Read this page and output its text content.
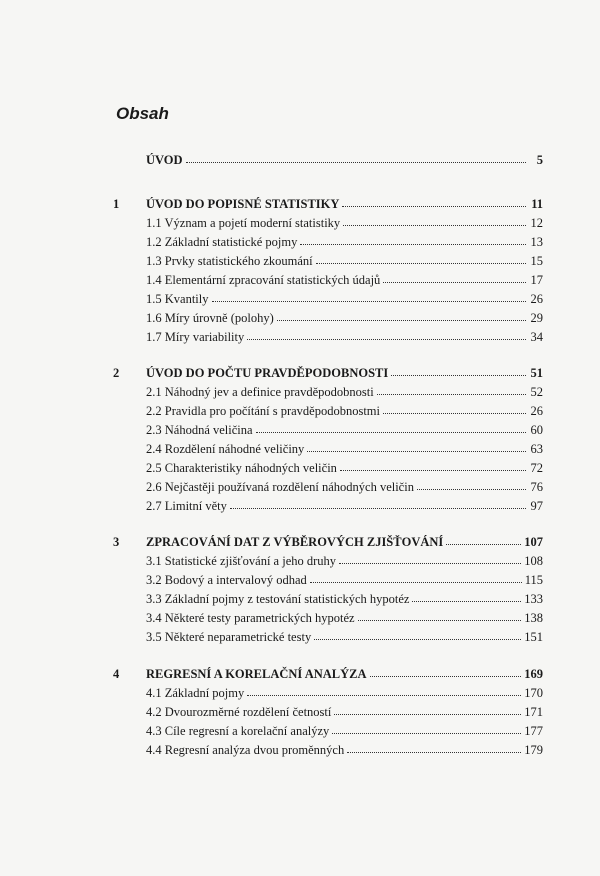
Obsah
ÚVOD	5
1 ÚVOD DO POPISNÉ STATISTIKY	11
1.1 Význam a pojetí moderní statistiky	12
1.2 Základní statistické pojmy	13
1.3 Prvky statistického zkoumání	15
1.4 Elementární zpracování statistických údajů	17
1.5 Kvantily	26
1.6 Míry úrovně (polohy)	29
1.7 Míry variability	34
2 ÚVOD DO POČTU PRAVDĚPODOBNOSTI	51
2.1 Náhodný jev a definice pravděpodobnosti	52
2.2 Pravidla pro počítání s pravděpodobnostmi	26
2.3 Náhodná veličina	60
2.4 Rozdělení náhodné veličiny	63
2.5 Charakteristiky náhodných veličin	72
2.6 Nejčastěji používaná rozdělení náhodných veličin	76
2.7 Limitní věty	97
3 ZPRACOVÁNÍ DAT Z VÝBĚROVÝCH ZJIŠŤOVÁNÍ	107
3.1 Statistické zjišťování a jeho druhy	108
3.2 Bodový a intervalový odhad	115
3.3 Základní pojmy z testování statistických hypotéz	133
3.4 Některé testy parametrických hypotéz	138
3.5 Některé neparametrické testy	151
4 REGRESNÍ A KORELAČNÍ ANALÝZA	169
4.1 Základní pojmy	170
4.2 Dvourozměrné rozdělení četností	171
4.3 Cíle regresní a korelační analýzy	177
4.4 Regresní analýza dvou proměnných	179
